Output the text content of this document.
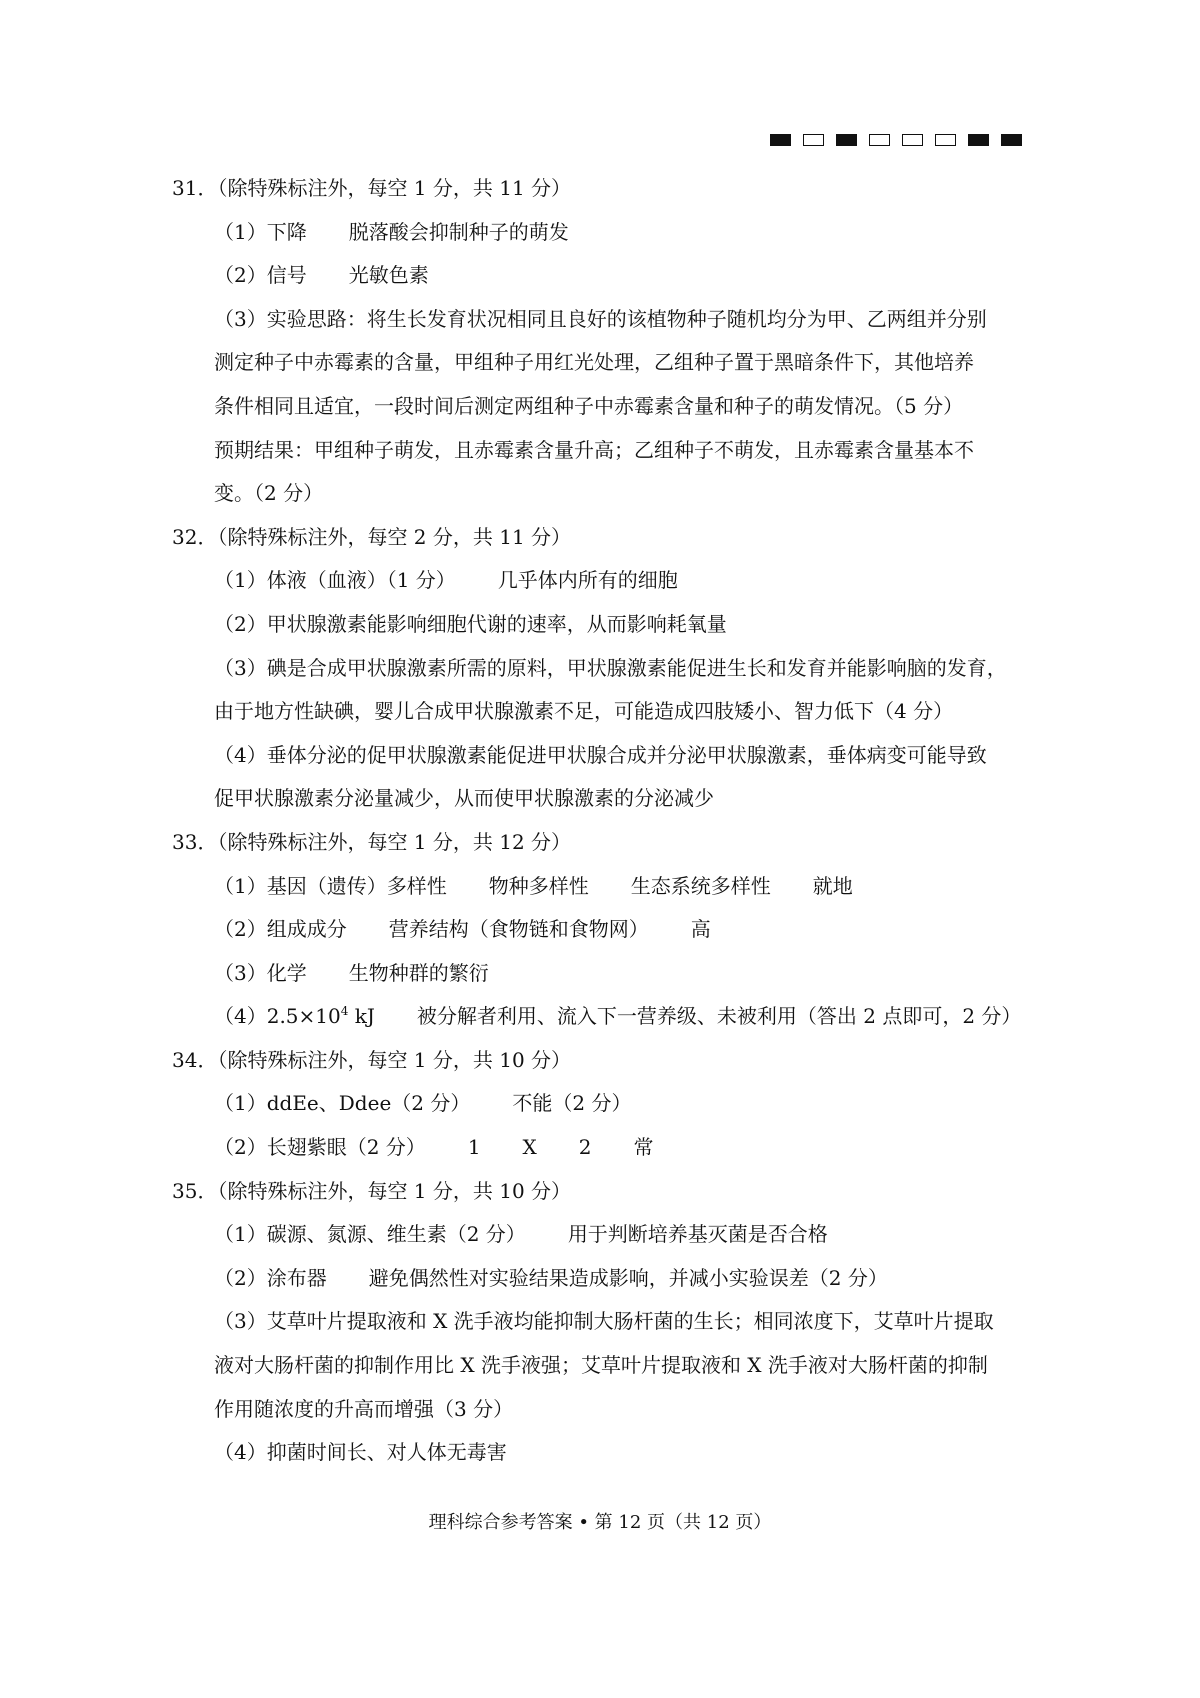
31．（除特殊标注外，每空 1 分，共 11 分）
（1）下降 脱落酸会抑制种子的萌发
（2）信号 光敏色素
（3）实验思路：将生长发育状况相同且良好的该植物种子随机均分为甲、乙两组并分别
测定种子中赤霉素的含量，甲组种子用红光处理，乙组种子置于黑暗条件下，其他培养
条件相同且适宜，一段时间后测定两组种子中赤霉素含量和种子的萌发情况。（5 分）
预期结果：甲组种子萌发，且赤霉素含量升高；乙组种子不萌发，且赤霉素含量基本不
变。（2 分）
32．（除特殊标注外，每空 2 分，共 11 分）
（1）体液（血液）（1 分） 几乎体内所有的细胞
（2）甲状腺激素能影响细胞代谢的速率，从而影响耗氧量
（3）碘是合成甲状腺激素所需的原料，甲状腺激素能促进生长和发育并能影响脑的发育，
由于地方性缺碘，婴儿合成甲状腺激素不足，可能造成四肢矮小、智力低下（4 分）
（4）垂体分泌的促甲状腺激素能促进甲状腺合成并分泌甲状腺激素，垂体病变可能导致
促甲状腺激素分泌量减少，从而使甲状腺激素的分泌减少
33．（除特殊标注外，每空 1 分，共 12 分）
（1）基因（遗传）多样性 物种多样性 生态系统多样性 就地
（2）组成成分 营养结构（食物链和食物网） 高
（3）化学 生物种群的繁衍
$(4)2.5\times 10^4$ kJ 被分解者利用、流入下一营养级、未被利用（答出 2 点即可，2 分）
34．（除特殊标注外，每空 1 分，共 10 分）
（1）ddEe、Ddee（2 分） 不能（2 分）
（2）长翅紫眼（2 分） 1 X 2 常
35．（除特殊标注外，每空 1 分，共 10 分）
（1）碳源、氮源、维生素（2 分） 用于判断培养基灭菌是否合格
（2）涂布器 避免偶然性对实验结果造成影响，并减小实验误差（2 分）
（3）艾草叶片提取液和 X 洗手液均能抑制大肠杆菌的生长；相同浓度下，艾草叶片提取
液对大肠杆菌的抑制作用比 X 洗手液强；艾草叶片提取液和 X 洗手液对大肠杆菌的抑制
作用随浓度的升高而增强（3 分）
（4）抑菌时间长、对人体无毒害
理科综合参考答案 • 第 12 页（共 12 页）
